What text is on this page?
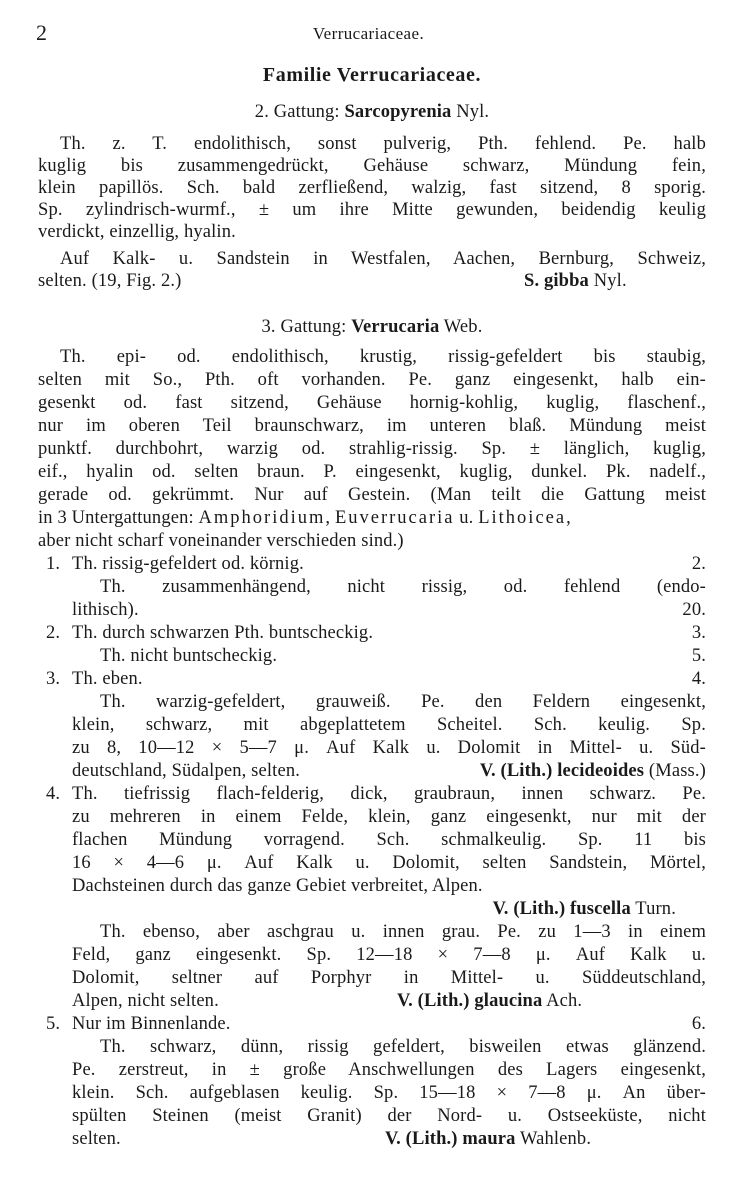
2	Verrucariaceae.
Familie Verrucariaceae.
2. Gattung: Sarcopyrenia Nyl.
Th. z. T. endolithisch, sonst pulverig, Pth. fehlend. Pe. halb
kuglig bis zusammengedrückt, Gehäuse schwarz, Mündung fein,
klein papillös. Sch. bald zerfließend, walzig, fast sitzend, 8 sporig.
Sp. zylindrisch-wurmf., ± um ihre Mitte gewunden, beidendig keulig
verdickt, einzellig, hyalin.
Auf Kalk- u. Sandstein in Westfalen, Aachen, Bernburg, Schweiz,
selten. (19, Fig. 2.)	S. gibba Nyl.
3. Gattung: Verrucaria Web.
Th. epi- od. endolithisch, krustig, rissig-gefeldert bis staubig,
selten mit So., Pth. oft vorhanden. Pe. ganz eingesenkt, halb ein-
gesenkt od. fast sitzend, Gehäuse hornig-kohlig, kuglig, flaschenf.,
nur im oberen Teil braunschwarz, im unteren blaß. Mündung meist
punktf. durchbohrt, warzig od. strahlig-rissig. Sp. ± länglich, kuglig,
eif., hyalin od. selten braun. P. eingesenkt, kuglig, dunkel. Pk. nadelf.,
gerade od. gekrümmt. Nur auf Gestein. (Man teilt die Gattung meist
in 3 Untergattungen: Amphoridium, Euverrucaria u. Lithoicea,
aber nicht scharf voneinander verschieden sind.)
1. Th. rissig-gefeldert od. körnig.	2.
Th. zusammenhängend, nicht rissig, od. fehlend (endo-
lithisch).	20.
2. Th. durch schwarzen Pth. buntscheckig.	3.
Th. nicht buntscheckig.	5.
3. Th. eben.	4.
Th. warzig-gefeldert, grauweiß. Pe. den Feldern eingesenkt,
klein, schwarz, mit abgeplattetem Scheitel. Sch. keulig. Sp.
zu 8, 10—12 × 5—7 μ. Auf Kalk u. Dolomit in Mittel- u. Süd-
deutschland, Südalpen, selten.	V. (Lith.) lecideoides (Mass.)
4. Th. tiefrissig flach-felderig, dick, graubraun, innen schwarz. Pe.
zu mehreren in einem Felde, klein, ganz eingesenkt, nur mit der
flachen Mündung vorragend. Sch. schmalkeulig. Sp. 11 bis
16 × 4—6 μ. Auf Kalk u. Dolomit, selten Sandstein, Mörtel,
Dachsteinen durch das ganze Gebiet verbreitet, Alpen.
V. (Lith.) fuscella Turn.
Th. ebenso, aber aschgrau u. innen grau. Pe. zu 1—3 in einem
Feld, ganz eingesenkt. Sp. 12—18 × 7—8 μ. Auf Kalk u.
Dolomit, seltner auf Porphyr in Mittel- u. Süddeutschland,
Alpen, nicht selten.	V. (Lith.) glaucina Ach.
5. Nur im Binnenlande.	6.
Th. schwarz, dünn, rissig gefeldert, bisweilen etwas glänzend.
Pe. zerstreut, in ± große Anschwellungen des Lagers eingesenkt,
klein. Sch. aufgeblasen keulig. Sp. 15—18 × 7—8 μ. An über-
spülten Steinen (meist Granit) der Nord- u. Ostseeküste, nicht
selten.	V. (Lith.) maura Wahlenb.
